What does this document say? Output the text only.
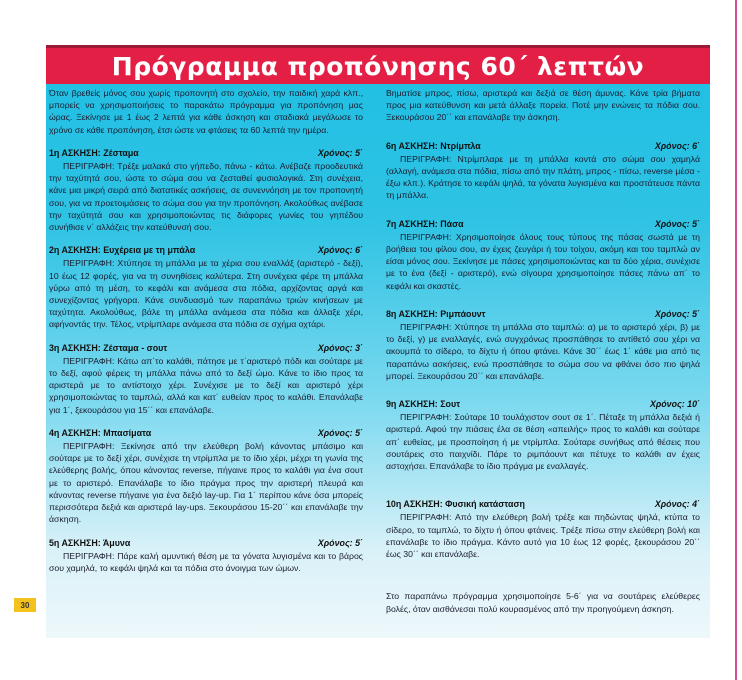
Πρόγραμμα προπόνησης 60΄ λεπτών

Όταν βρεθείς μόνος σου χωρίς προπονητή στο σχολείο, την παιδική χαρά κλπ., μπορείς να χρησιμοποιήσεις το παρακάτω πρόγραμμα για προπόνηση μας ώρας. Ξεκίνησε με 1 έως 2 λεπτά για κάθε άσκηση και σταδιακά μεγάλωσε το χρόνο σε κάθε προπόνηση, έτσι ώστε να φτάσεις τα 60 λεπτά την ημέρα.

1η ΑΣΚΗΣΗ: Ζέσταμα	Χρόνος: 5΄

ΠΕΡΙΓΡΑΦΗ: Τρέξε μαλακά στο γήπεδο, πάνω - κάτω. Ανέβαζε προοδευτικά την ταχύτητά σου, ώστε το σώμα σου να ζεσταθεί φυσιολογικά. Στη συνέχεια, κάνε μια μικρή σειρά από διατατικές ασκήσεις, σε συνεννόηση με τον προπονητή σου, για να προετοιμάσεις το σώμα σου για την προπόνηση. Ακολούθως ανέβασε την ταχύτητά σου και χρησιμοποιώντας τις διάφορες γωνίες του γηπέδου συνήθισε ν΄ αλλάζεις την κατεύθυνσή σου.

2η ΑΣΚΗΣΗ: Ευχέρεια με τη μπάλα	Χρόνος: 6΄

ΠΕΡΙΓΡΑΦΗ: Χτύπησε τη μπάλλα με τα χέρια σου εναλλάξ (αριστερό - δεξί), 10 έως 12 φορές, για να τη συνηθίσεις καλύτερα. Στη συνέχεια φέρε τη μπάλλα γύρω από τη μέση, το κεφάλι και ανάμεσα στα πόδια, αρχίζοντας αργά και συνεχίζοντας γρήγορα. Κάνε συνδυασμό των παραπάνω τριών κινήσεων με ταχύτητα. Ακολούθως, βάλε τη μπάλλα ανάμεσα στα πόδια και άλλαξε χέρι, αφήνοντάς την. Τέλος, ντρίμπλαρε ανάμεσα στα πόδια σε σχήμα οχτάρι.

3η ΑΣΚΗΣΗ: Ζέσταμα - σουτ	Χρόνος: 3΄

ΠΕΡΙΓΡΑΦΗ: Κάτω απ΄το καλάθι, πάτησε με τ΄αριστερό πόδι και σούταρε με το δεξί, αφού φέρεις τη μπάλλα πάνω από το δεξί ώμο. Κάνε το ίδιο προς τα αριστερά με το αντίστοιχο χέρι. Συνέχισε με το δεξί και αριστερό χέρι χρησιμοποιώντας το ταμπλώ, αλλά και κατ΄ ευθείαν προς το καλάθι. Επανάλαβε για 1΄, ξεκουράσου για 15΄΄ και επανάλαβε.

4η ΑΣΚΗΣΗ: Μπασίματα	Χρόνος: 5΄

ΠΕΡΙΓΡΑΦΗ: Ξεκίνησε από την ελεύθερη βολή κάνοντας μπάσιμο και σούταρε με το δεξί χέρι, συνέχισε τη ντρίμπλα με το ίδιο χέρι, μέχρι τη γωνία της ελεύθερης βολής, όπου κάνοντας reverse, πήγαινε προς το καλάθι για ένα σουτ με το αριστερό. Επανάλαβε το ίδιο πράγμα προς την αριστερή πλευρά και κάνοντας reverse πήγαινε για ένα δεξιό lay-up. Για 1΄ περίπου κάνε όσα μπορείς περισσότερα δεξιά και αριστερά lay-ups. Ξεκουράσου 15-20΄΄ και επανάλαβε την άσκηση.

5η ΑΣΚΗΣΗ: Άμυνα	Χρόνος: 5΄

ΠΕΡΙΓΡΑΦΗ: Πάρε καλή αμυντική θέση με τα γόνατα λυγισμένα και το βάρος σου χαμηλά, το κεφάλι ψηλά και τα πόδια στο άνοιγμα των ώμων.

Βηματίσε μπρος, πίσω, αριστερά και δεξιά σε θέση άμυνας. Κάνε τρία βήματα προς μια κατεύθυνση και μετά άλλαξε πορεία. Ποτέ μην ενώνεις τα πόδια σου. Ξεκουράσου 20΄΄ και επανάλαβε την άσκηση.

6η ΑΣΚΗΣΗ: Ντρίμπλα	Χρόνος: 6΄

ΠΕΡΙΓΡΑΦΗ: Ντρίμπλαρε με τη μπάλλα κοντά στο σώμα σου χαμηλά (αλλαγή, ανάμεσα στα πόδια, πίσω από την πλάτη, μπρος - πίσω, reverse μέσα - έξω κλπ.). Κράτησε το κεφάλι ψηλά, τα γόνατα λυγισμένα και προστάτευσε πάντα τη μπάλλα.

7η ΑΣΚΗΣΗ: Πάσα	Χρόνος: 5΄

ΠΕΡΙΓΡΑΦΗ: Χρησιμοποίησε όλους τους τύπους της πάσας σωστά με τη βοήθεια του φίλου σου, αν έχεις ζευγάρι ή του τοίχου, ακόμη και του ταμπλώ αν είσαι μόνος σου. Ξεκίνησε με πάσες χρησιμοποιώντας και τα δύο χέρια, συνέχισε με το ένα (δεξί - αριστερό), ενώ σίγουρα χρησιμοποίησε πάσες πάνω απ΄ το κεφάλι και σκαστές.

8η ΑΣΚΗΣΗ: Ριμπάουντ	Χρόνος: 5΄

ΠΕΡΙΓΡΑΦΗ: Χτύπησε τη μπάλλα στο ταμπλώ: α) με το αριστερό χέρι, β) με το δεξί, γ) με εναλλαγές, ενώ συγχρόνως προσπάθησε το αντίθετό σου χέρι να ακουμπά το σίδερο, το δίχτυ ή όπου φτάνει. Κάνε 30΄΄ έως 1΄ κάθε μια από τις παραπάνω ασκήσεις, ενώ προσπάθησε το σώμα σου να φθάνει όσο πιο ψηλά μπορεί. Ξεκουράσου 20΄΄ και επανάλαβε.

9η ΑΣΚΗΣΗ: Σουτ	Χρόνος: 10΄

ΠΕΡΙΓΡΑΦΗ: Σούταρε 10 τουλάχιστον σουτ σε 1΄. Πέταξε τη μπάλλα δεξιά ή αριστερά. Αφού την πιάσεις έλα σε θέση «απειλής» προς το καλάθι και σούταρε απ΄ ευθείας, με προσποίηση ή με ντρίμπλα. Σούταρε συνήθως από θέσεις που σουτάρεις στο παιχνίδι. Πάρε το ριμπάουντ και πέτυχε το καλάθι αν έχεις αστοχήσει. Επανάλαβε το ίδιο πράγμα με εναλλαγές.

10η ΑΣΚΗΣΗ: Φυσική κατάσταση	Χρόνος: 4΄

ΠΕΡΙΓΡΑΦΗ: Από την ελεύθερη βολή τρέξε και πηδώντας ψηλά, κτύπα το σίδερο, το ταμπλώ, το δίχτυ ή όπου φτάνεις. Τρέξε πίσω στην ελεύθερη βολή και επανάλαβε το ίδιο πράγμα. Κάντο αυτό για 10 έως 12 φορές, ξεκουράσου 20΄΄ έως 30΄΄ και επανάλαβε.

Στο παραπάνω πρόγραμμα χρησιμοποίησε 5-6΄ για να σουτάρεις ελεύθερες βολές, όταν αισθάνεσαι πολύ κουρασμένος από την προηγούμενη άσκηση.

30
